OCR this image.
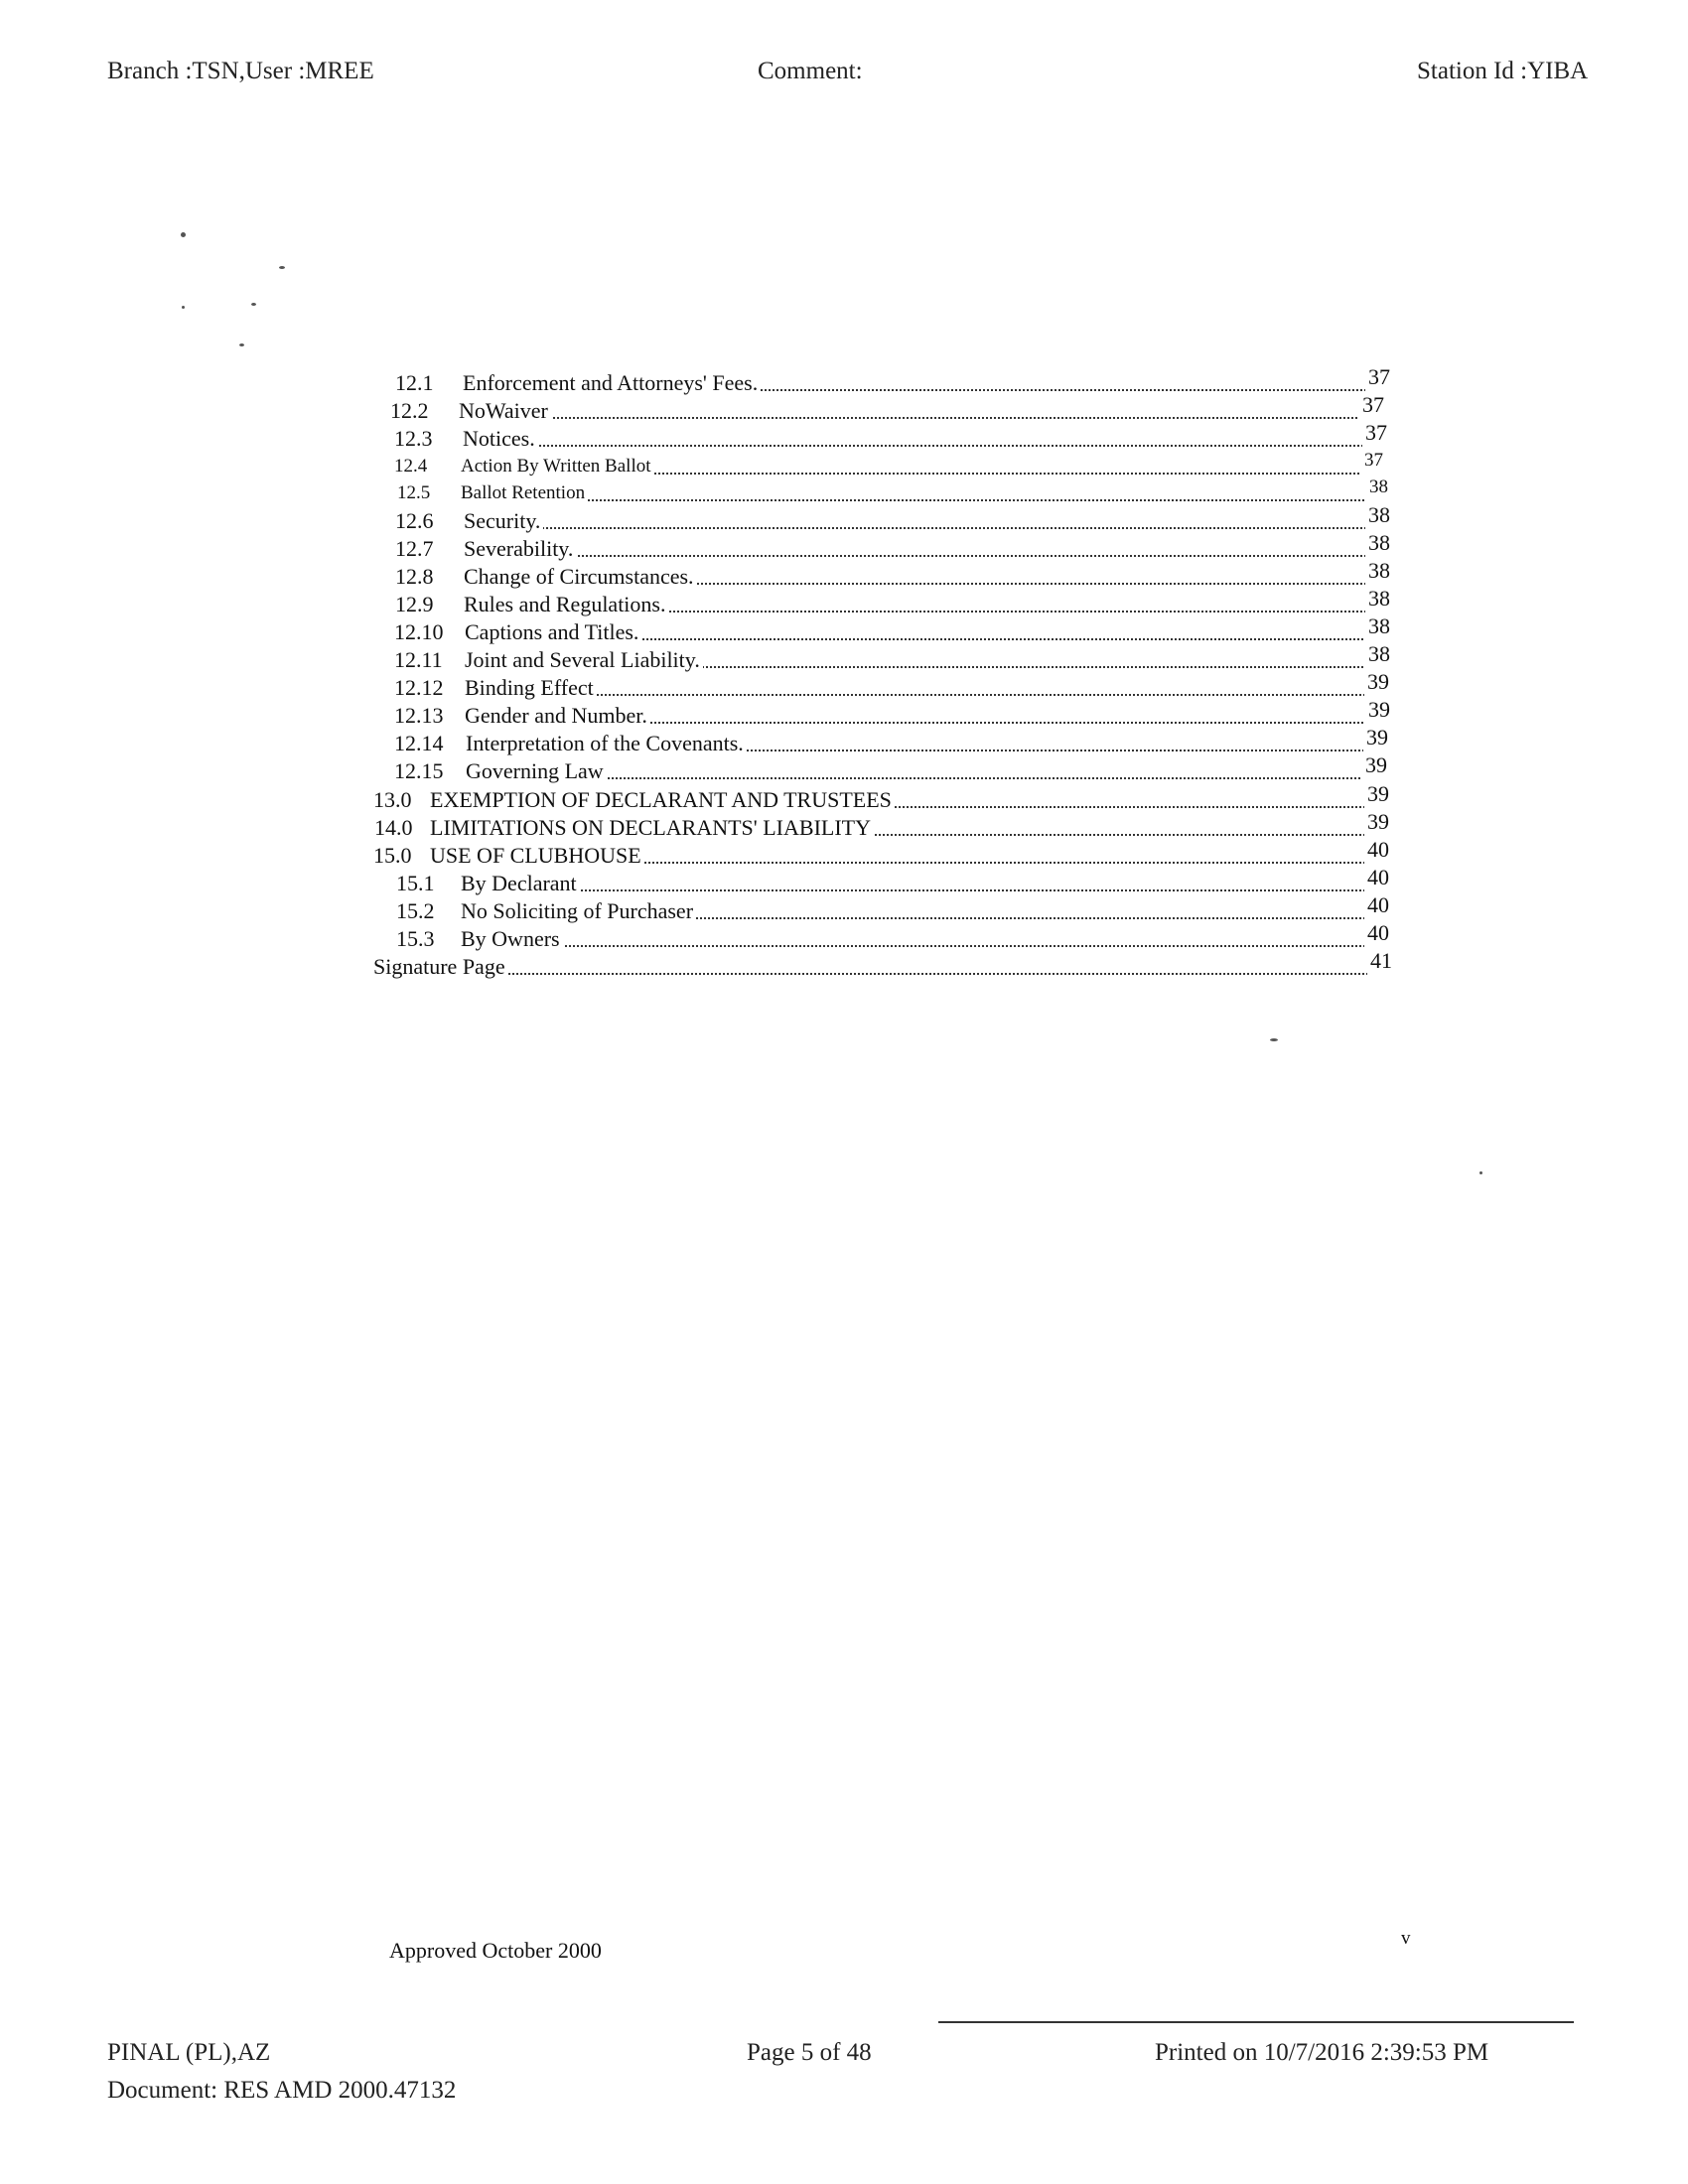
Branch :TSN,User :MREE	Comment:	Station Id :YIBA
12.1 Enforcement and Attorneys' Fees.	37
12.2 NoWaiver	37
12.3 Notices.	37
12.4 Action By Written Ballot	37
12.5 Ballot Retention	38
12.6 Security.	38
12.7 Severability.	38
12.8 Change of Circumstances.	38
12.9 Rules and Regulations.	38
12.10 Captions and Titles.	38
12.11 Joint and Several Liability.	38
12.12 Binding Effect	39
12.13 Gender and Number.	39
12.14 Interpretation of the Covenants.	39
12.15 Governing Law	39
13.0 EXEMPTION OF DECLARANT AND TRUSTEES	39
14.0 LIMITATIONS ON DECLARANTS' LIABILITY	39
15.0 USE OF CLUBHOUSE	40
15.1 By Declarant	40
15.2 No Soliciting of Purchaser	40
15.3 By Owners	40
Signature Page	41
Approved October 2000	v
PINAL (PL),AZ
Document: RES AMD 2000.47132
Page 5 of 48	Printed on 10/7/2016 2:39:53 PM
